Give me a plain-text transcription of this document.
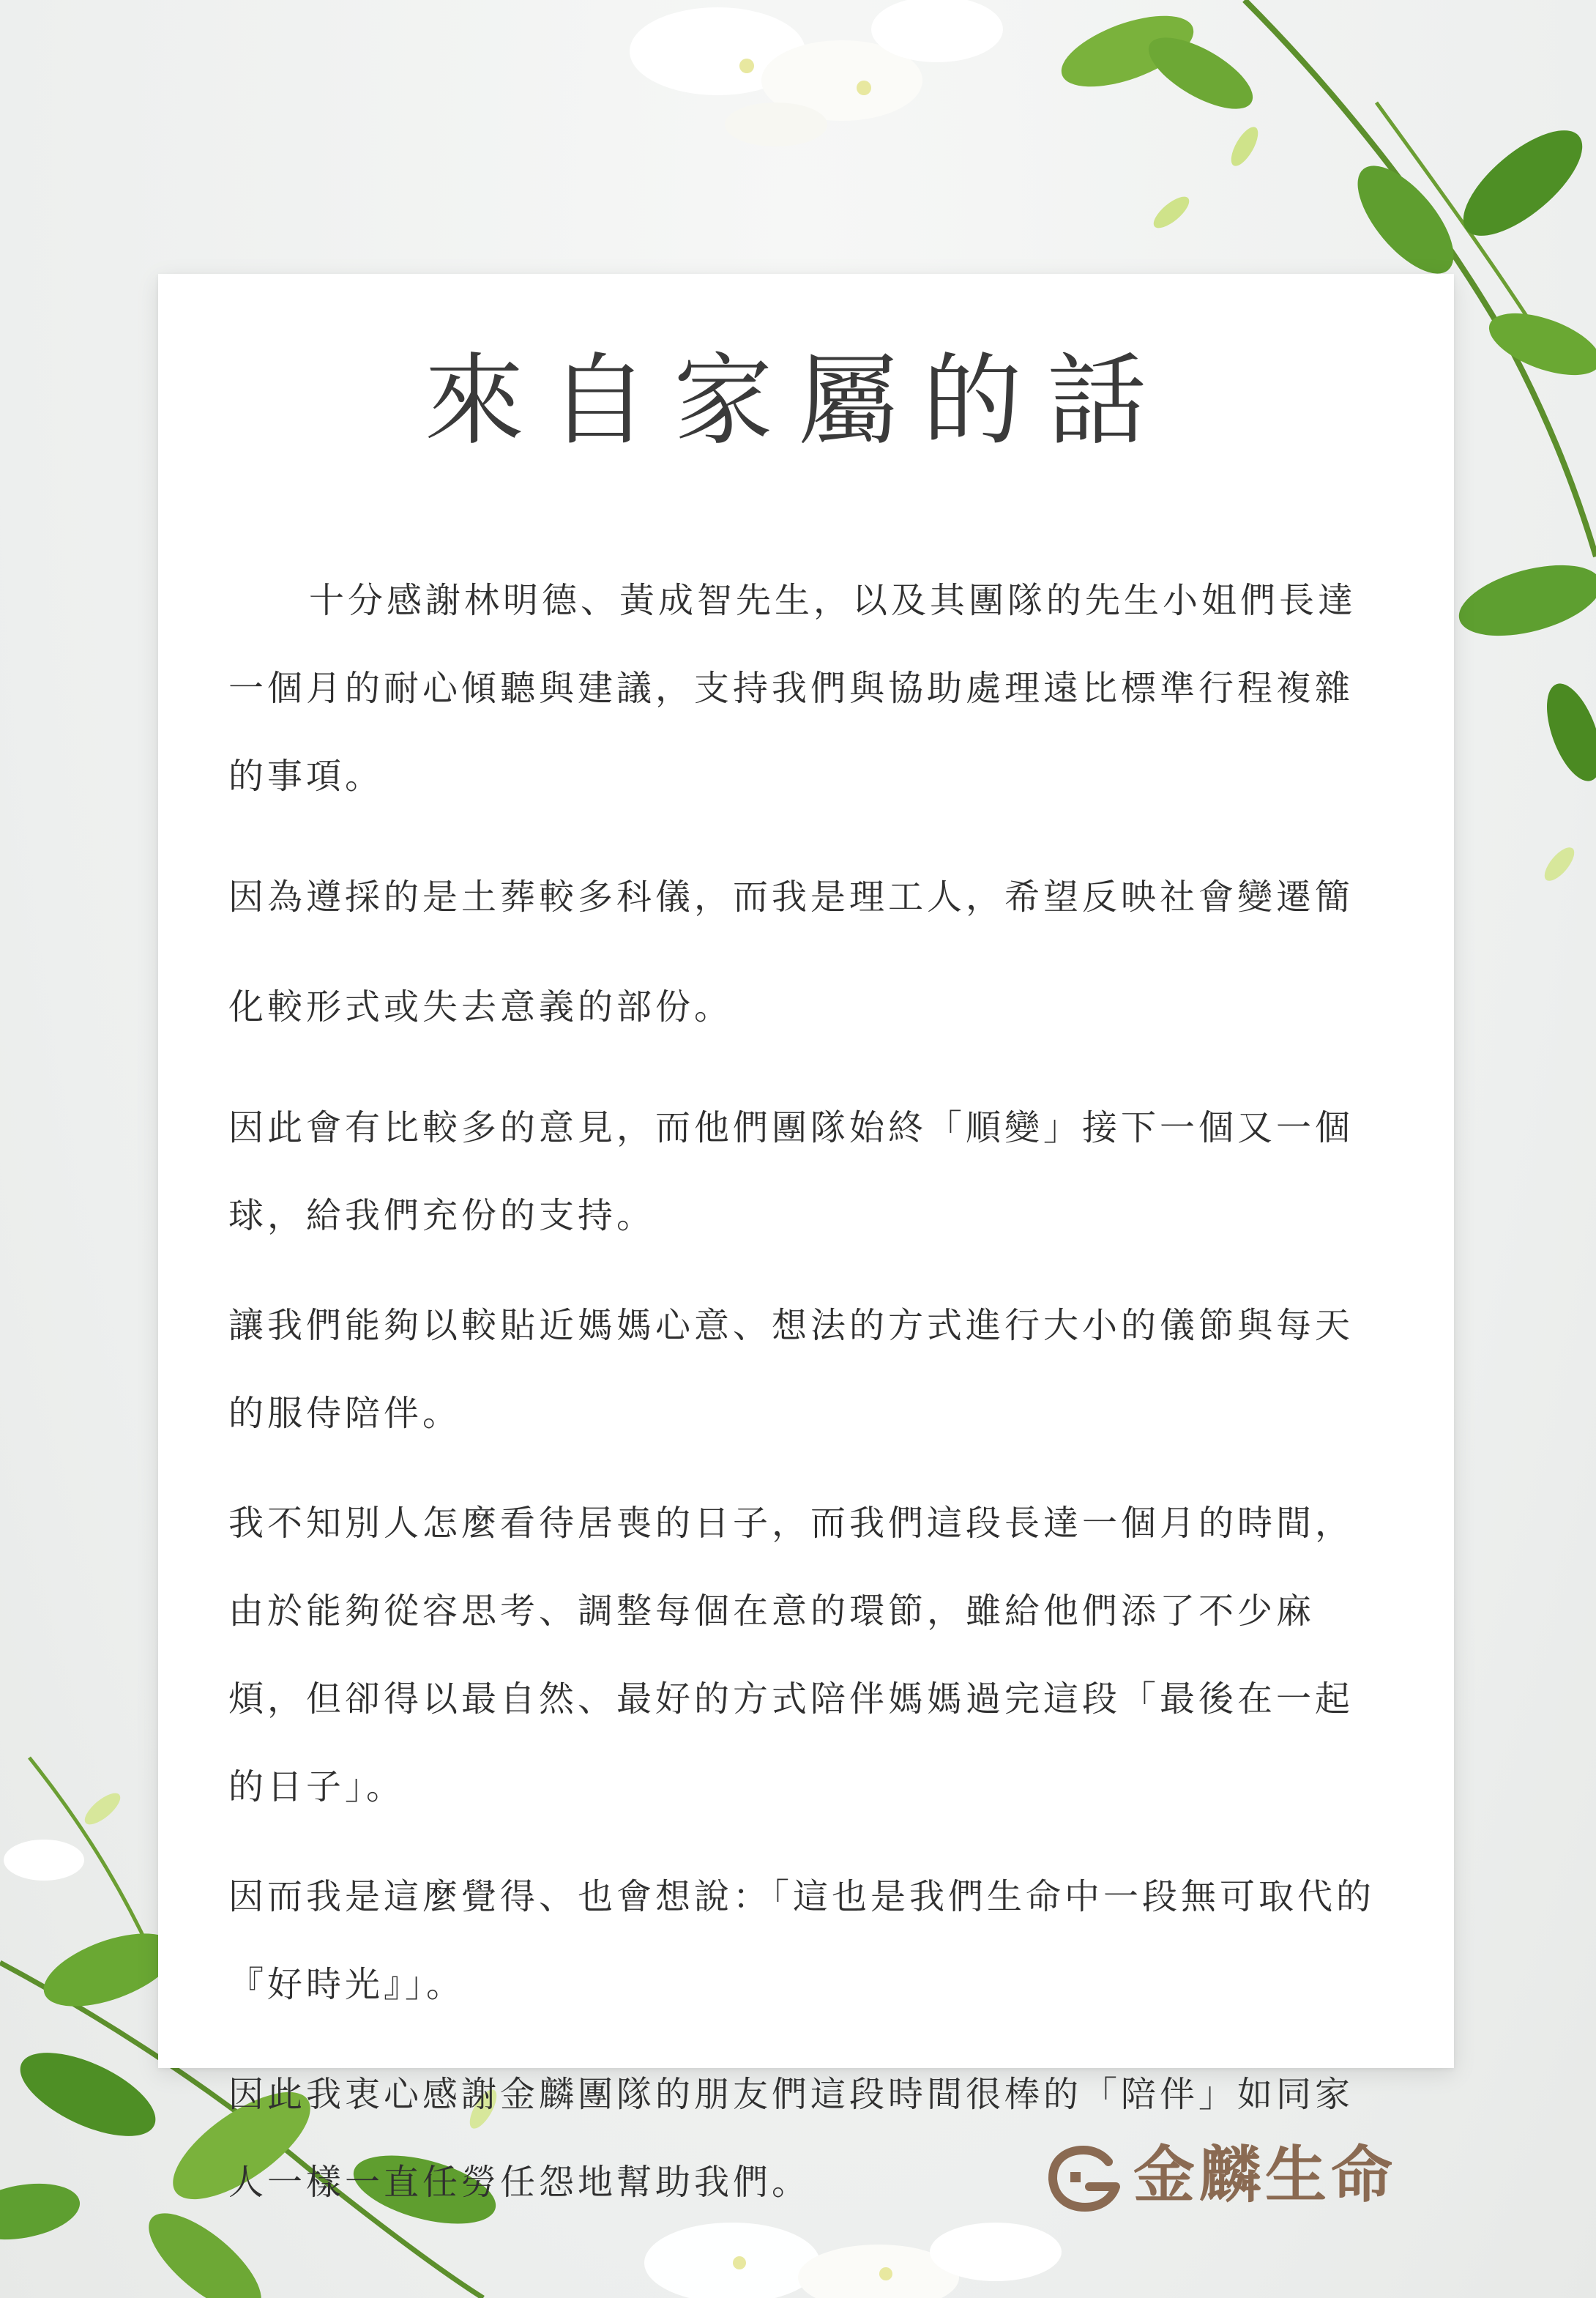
來自家屬的話

十分感謝林明德、黃成智先生，以及其團隊的先生小姐們長達一個月的耐心傾聽與建議，支持我們與協助處理遠比標準行程複雜的事項。

因為遵採的是土葬較多科儀，而我是理工人，希望反映社會變遷簡化較形式或失去意義的部份。

因此會有比較多的意見，而他們團隊始終「順變」接下一個又一個球，給我們充份的支持。

讓我們能夠以較貼近媽媽心意、想法的方式進行大小的儀節與每天的服侍陪伴。

我不知別人怎麼看待居喪的日子，而我們這段長達一個月的時間，由於能夠從容思考、調整每個在意的環節，雖給他們添了不少麻煩，但卻得以最自然、最好的方式陪伴媽媽過完這段「最後在一起的日子」。

因而我是這麼覺得、也會想說：「這也是我們生命中一段無可取代的『好時光』」。

因此我衷心感謝金麟團隊的朋友們這段時間很棒的「陪伴」如同家人一樣一直任勞任怨地幫助我們。	金麟生命
